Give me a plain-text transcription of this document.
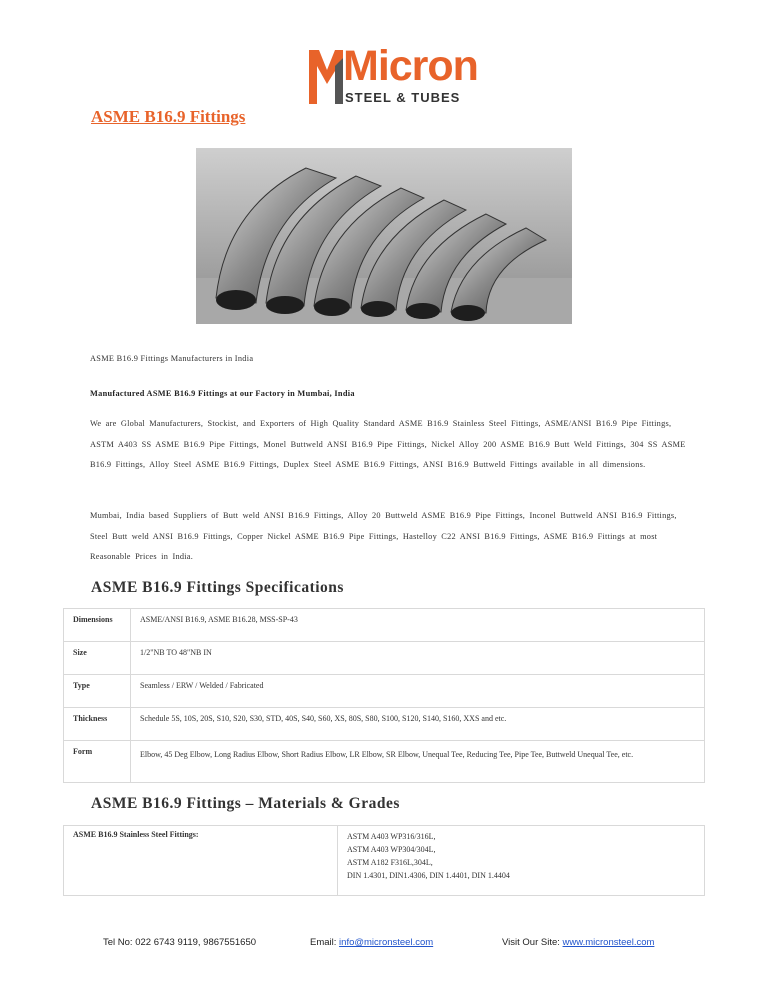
Micron
STEEL & TUBES
ASME B16.9 Fittings
ASME B16.9 Fittings Manufacturers in India
Manufactured ASME B16.9 Fittings at our Factory in Mumbai, India

We are Global Manufacturers, Stockist, and Exporters of High Quality Standard ASME B16.9 Stainless Steel Fittings, ASME/ANSI B16.9 Pipe Fittings, ASTM A403 SS ASME B16.9 Pipe Fittings, Monel Buttweld ANSI B16.9 Pipe Fittings, Nickel Alloy 200 ASME B16.9 Butt Weld Fittings, 304 SS ASME B16.9 Fittings, Alloy Steel ASME B16.9 Fittings, Duplex Steel ASME B16.9 Fittings, ANSI B16.9 Buttweld Fittings available in all dimensions.

Mumbai, India based Suppliers of Butt weld ANSI B16.9 Fittings, Alloy 20 Buttweld ASME B16.9 Pipe Fittings, Inconel Buttweld ANSI B16.9 Fittings, Steel Butt weld ANSI B16.9 Fittings, Copper Nickel ASME B16.9 Pipe Fittings, Hastelloy C22 ANSI B16.9 Fittings, ASME B16.9 Fittings at most Reasonable Prices in India.

ASME B16.9 Fittings Specifications
Dimensions	ASME/ANSI B16.9, ASME B16.28, MSS-SP-43
Size	1/2"NB TO 48"NB IN
Type	Seamless / ERW / Welded / Fabricated
Thickness	Schedule 5S, 10S, 20S, S10, S20, S30, STD, 40S, S40, S60, XS, 80S, S80, S100, S120, S140, S160, XXS and etc.
Form	Elbow, 45 Deg Elbow, Long Radius Elbow, Short Radius Elbow, LR Elbow, SR Elbow, Unequal Tee, Reducing Tee, Pipe Tee, Buttweld Unequal Tee, etc.
ASME B16.9 Fittings – Materials & Grades
ASME B16.9 Stainless Steel Fittings:	ASTM A403 WP316/316L,
ASTM A403 WP304/304L,
ASTM A182 F316L,304L,
DIN 1.4301, DIN1.4306, DIN 1.4401, DIN 1.4404
Tel No: 022 6743 9119, 9867551650	Email: info@micronsteel.com	Visit Our Site: www.micronsteel.com
